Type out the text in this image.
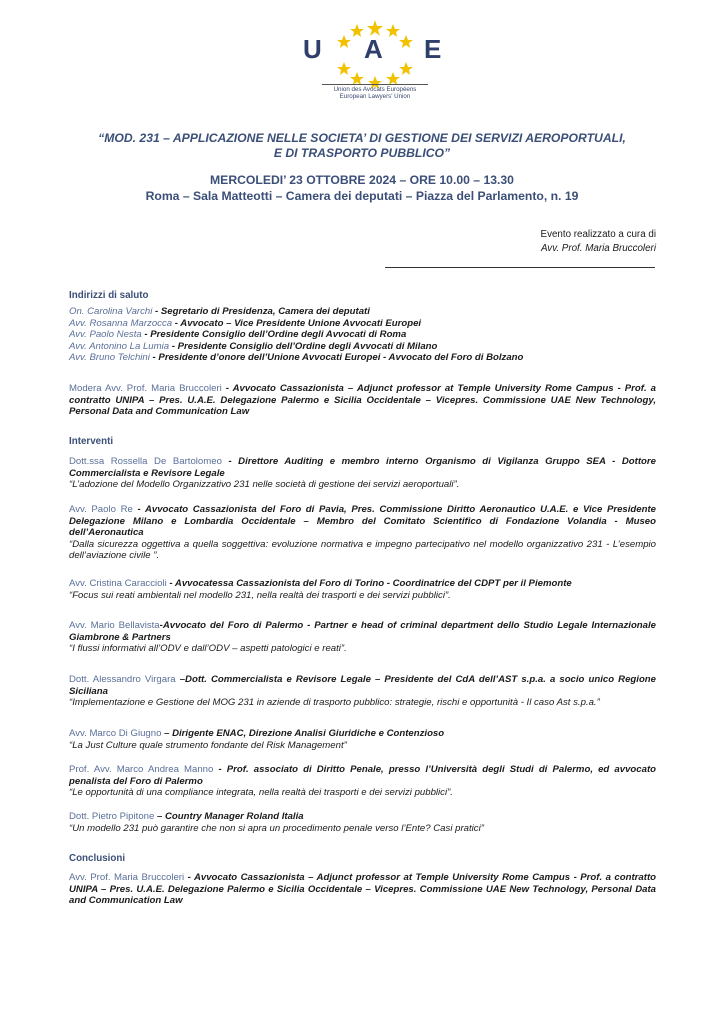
U A E
Union des Avocats Européens
European Lawyers' Union
“MOD. 231 – APPLICAZIONE NELLE SOCIETA’ DI GESTIONE DEI SERVIZI AEROPORTUALI,
E DI TRASPORTO PUBBLICO”
MERCOLEDI’ 23 OTTOBRE 2024 – ORE 10.00 – 13.30
Roma – Sala Matteotti – Camera dei deputati – Piazza del Parlamento, n. 19
Evento realizzato a cura di
Avv. Prof. Maria Bruccoleri
Indirizzi di saluto
On. Carolina Varchi - Segretario di Presidenza, Camera dei deputati
Avv. Rosanna Marzocca - Avvocato – Vice Presidente Unione Avvocati Europei
Avv. Paolo Nesta - Presidente Consiglio dell’Ordine degli Avvocati di Roma
Avv. Antonino La Lumia - Presidente Consiglio dell’Ordine degli Avvocati di Milano
Avv. Bruno Telchini - Presidente d’onore dell’Unione Avvocati Europei - Avvocato del Foro di Bolzano
Modera Avv. Prof. Maria Bruccoleri - Avvocato Cassazionista – Adjunct professor at Temple University Rome Campus - Prof. a contratto UNIPA – Pres. U.A.E. Delegazione Palermo e Sicilia Occidentale – Vicepres. Commissione UAE New Technology, Personal Data and Communication Law
Interventi
Dott.ssa Rossella De Bartolomeo - Direttore Auditing e membro interno Organismo di Vigilanza Gruppo SEA - Dottore Commercialista e Revisore Legale
“L’adozione del Modello Organizzativo 231 nelle società di gestione dei servizi aeroportuali”.
Avv. Paolo Re - Avvocato Cassazionista del Foro di Pavia, Pres. Commissione Diritto Aeronautico U.A.E. e Vice Presidente Delegazione Milano e Lombardia Occidentale – Membro del Comitato Scientifico di Fondazione Volandia - Museo dell’Aeronautica
“Dalla sicurezza oggettiva a quella soggettiva: evoluzione normativa e impegno partecipativo nel modello organizzativo 231 - L’esempio dell’aviazione civile ”.
Avv. Cristina Caraccioli - Avvocatessa Cassazionista del Foro di Torino - Coordinatrice del CDPT per il Piemonte
“Focus sui reati ambientali nel modello 231, nella realtà dei trasporti e dei servizi pubblici”.
Avv. Mario Bellavista-Avvocato del Foro di Palermo - Partner e head of criminal department dello Studio Legale Internazionale Giambrone & Partners
“I flussi informativi all’ODV e dall’ODV – aspetti patologici e reati”.
Dott. Alessandro Virgara –Dott. Commercialista e Revisore Legale – Presidente del CdA dell’AST s.p.a. a socio unico Regione Siciliana
“Implementazione e Gestione del MOG 231 in aziende di trasporto pubblico: strategie, rischi e opportunità - Il caso Ast s.p.a.”
Avv. Marco Di Giugno – Dirigente ENAC, Direzione Analisi Giuridiche e Contenzioso
“La Just Culture quale strumento fondante del Risk Management”
Prof. Avv. Marco Andrea Manno - Prof. associato di Diritto Penale, presso l’Università degli Studi di Palermo, ed avvocato penalista del Foro di Palermo
“Le opportunità di una compliance integrata, nella realtà dei trasporti e dei servizi pubblici”.
Dott. Pietro Pipitone – Country Manager Roland Italia
“Un modello 231 può garantire che non si apra un procedimento penale verso l’Ente? Casi pratici”
Conclusioni
Avv. Prof. Maria Bruccoleri - Avvocato Cassazionista – Adjunct professor at Temple University Rome Campus - Prof. a contratto UNIPA – Pres. U.A.E. Delegazione Palermo e Sicilia Occidentale – Vicepres. Commissione UAE New Technology, Personal Data and Communication Law
